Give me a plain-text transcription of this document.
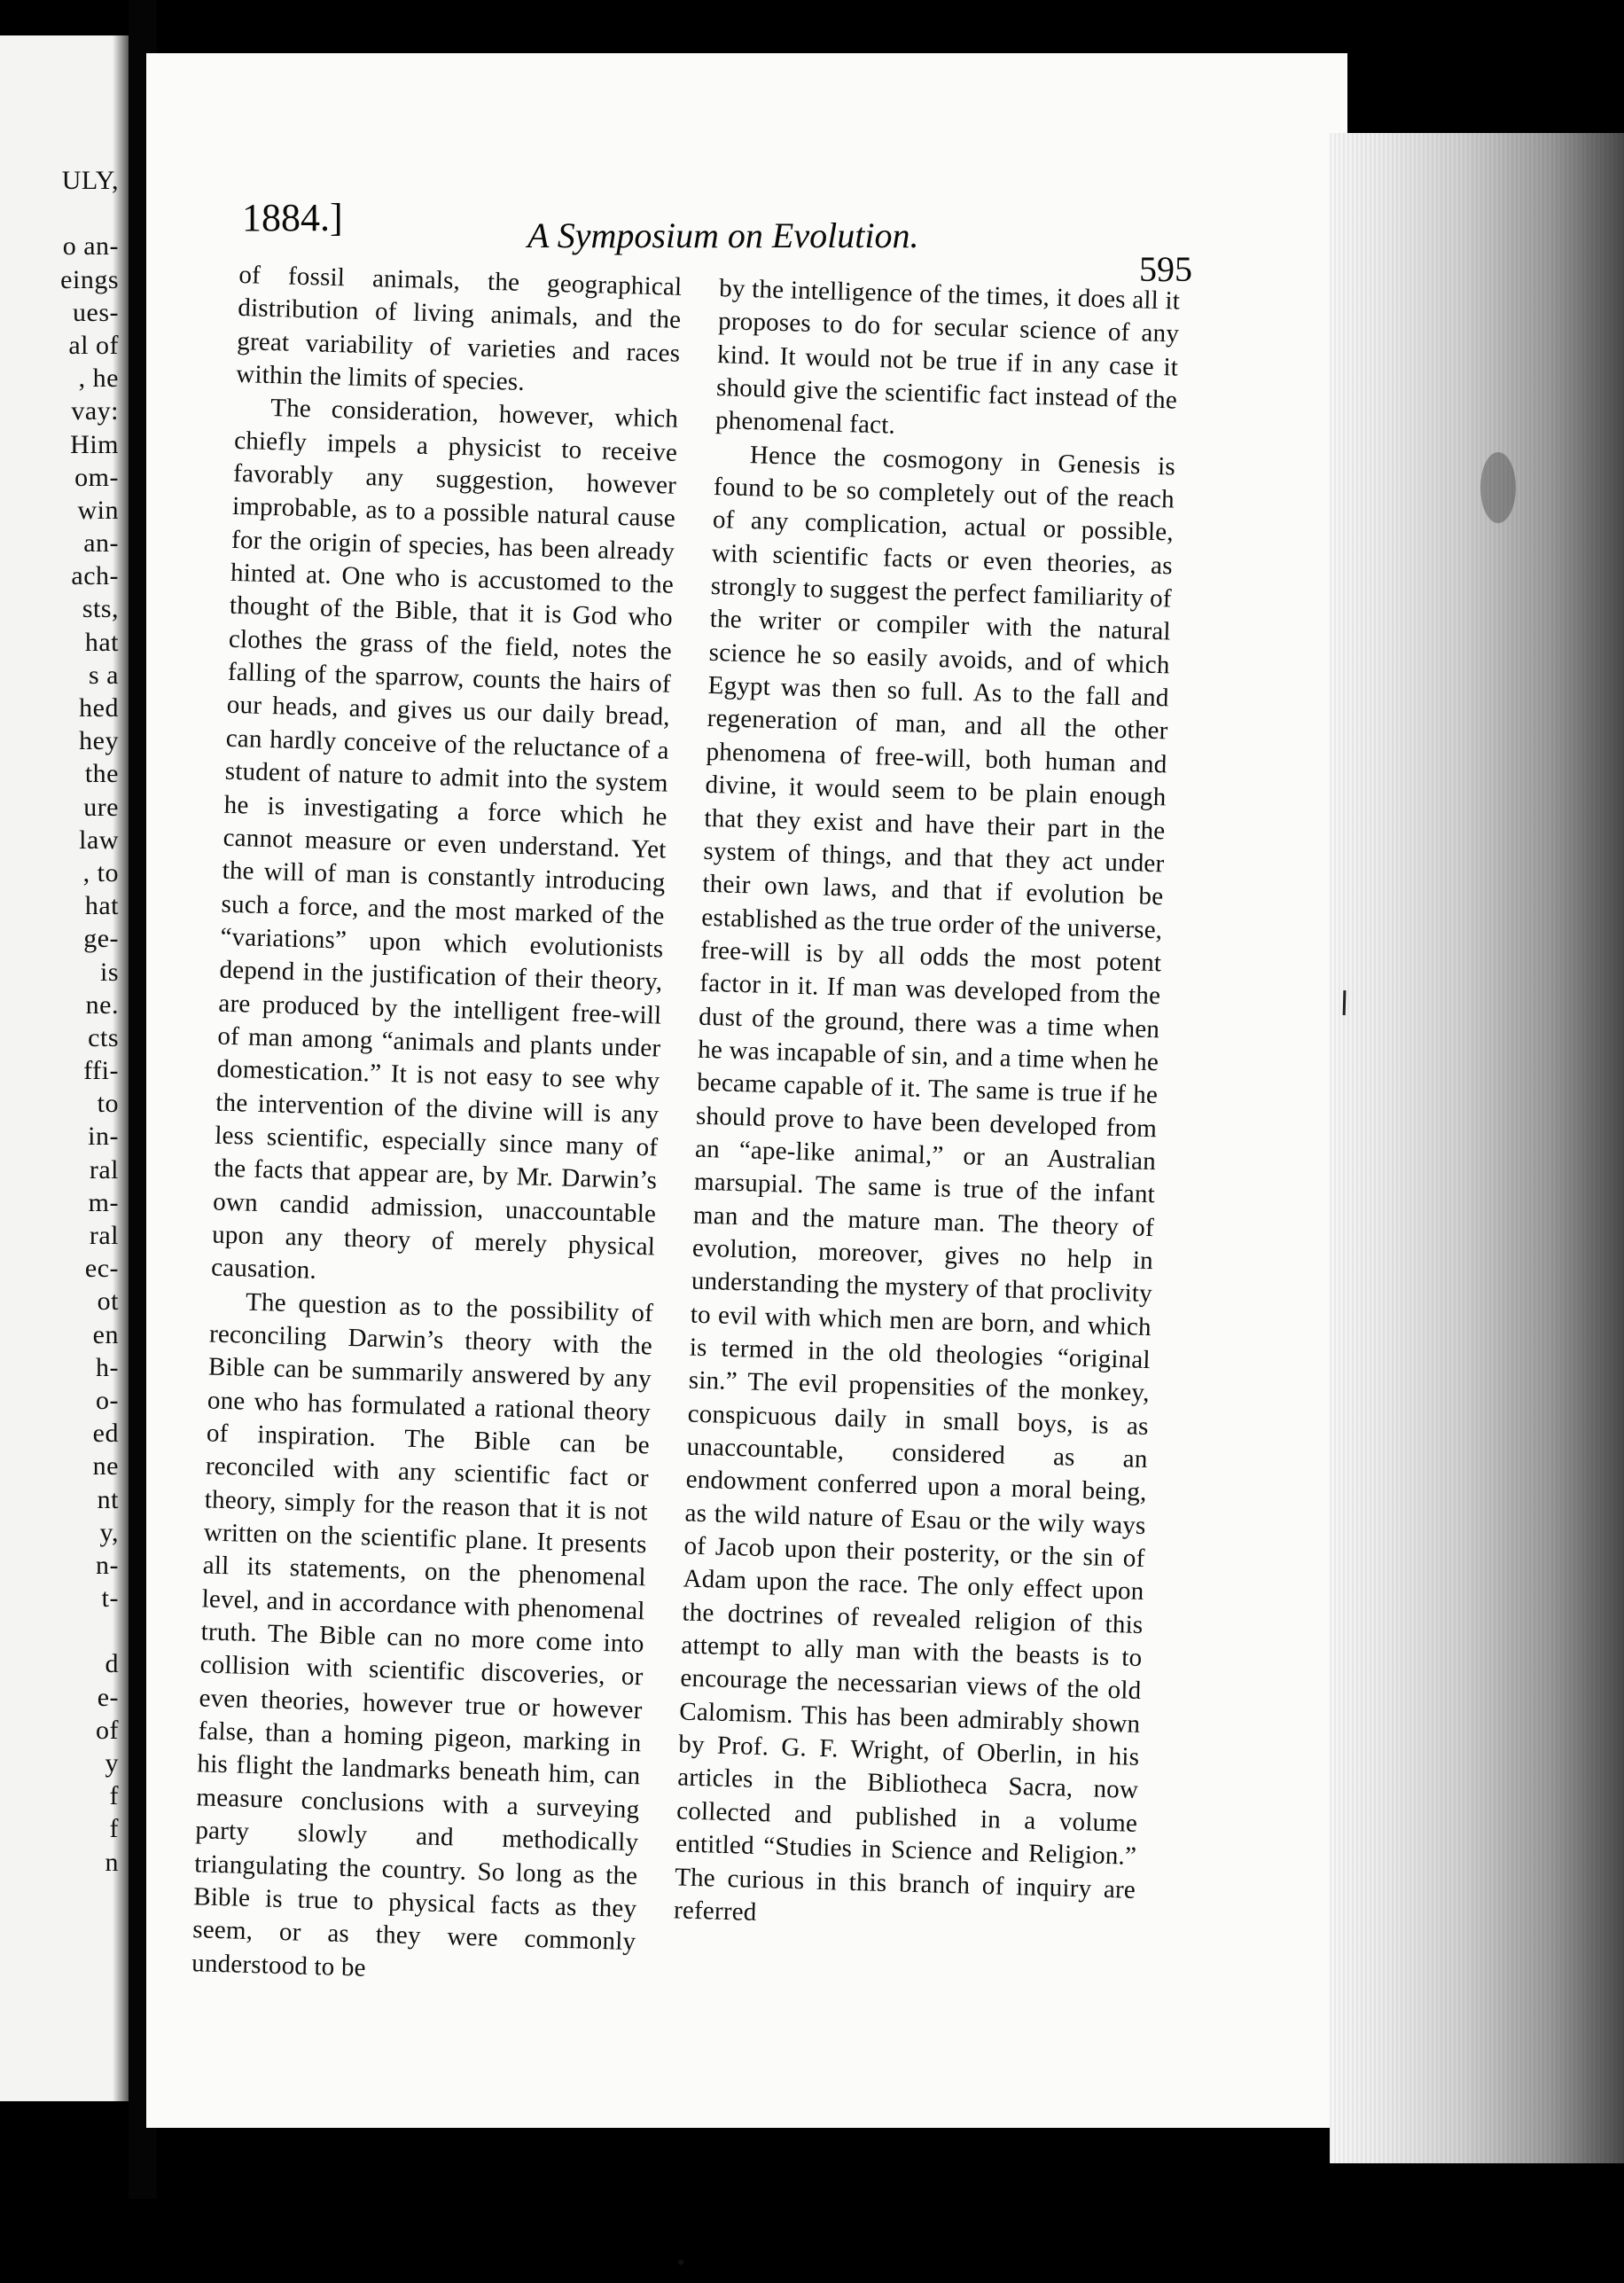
ULY,
o an-
eings
ues-
al of
, he
vay:
Him
om-
win
an-
ach-
sts,
hat
s a
hed
hey
the
ure
law
, to
hat
ge-
is
ne.
cts
ffi-
to
in-
ral
m-
ral
ec-
ot
en
h-
o-
ed
ne
nt
y,
n-
t-
d
e-
of
y
f
f
n
1884.]	A Symposium on Evolution.
595

of fossil animals, the geographical distribution of living animals, and the great variability of varieties and races within the limits of species.

The consideration, however, which chiefly impels a physicist to receive favorably any suggestion, however improbable, as to a possible natural cause for the origin of species, has been already hinted at. One who is accustomed to the thought of the Bible, that it is God who clothes the grass of the field, notes the falling of the sparrow, counts the hairs of our heads, and gives us our daily bread, can hardly conceive of the reluctance of a student of nature to admit into the system he is investigating a force which he cannot measure or even understand. Yet the will of man is constantly introducing such a force, and the most marked of the “variations” upon which evolutionists depend in the justification of their theory, are produced by the intelligent free-will of man among “animals and plants under domestication.” It is not easy to see why the intervention of the divine will is any less scientific, especially since many of the facts that appear are, by Mr. Darwin’s own candid admission, unaccountable upon any theory of merely physical causation.

The question as to the possibility of reconciling Darwin’s theory with the Bible can be summarily answered by any one who has formulated a rational theory of inspiration. The Bible can be reconciled with any scientific fact or theory, simply for the reason that it is not written on the scientific plane. It presents all its statements, on the phenomenal level, and in accordance with phenomenal truth. The Bible can no more come into collision with scientific discoveries, or even theories, however true or however false, than a homing pigeon, marking in his flight the landmarks beneath him, can measure conclusions with a surveying party slowly and methodically triangulating the country. So long as the Bible is true to physical facts as they seem, or as they were commonly understood to be

by the intelligence of the times, it does all it proposes to do for secular science of any kind. It would not be true if in any case it should give the scientific fact instead of the phenomenal fact.

Hence the cosmogony in Genesis is found to be so completely out of the reach of any complication, actual or possible, with scientific facts or even theories, as strongly to suggest the perfect familiarity of the writer or compiler with the natural science he so easily avoids, and of which Egypt was then so full. As to the fall and regeneration of man, and all the other phenomena of free-will, both human and divine, it would seem to be plain enough that they exist and have their part in the system of things, and that they act under their own laws, and that if evolution be established as the true order of the universe, free-will is by all odds the most potent factor in it. If man was developed from the dust of the ground, there was a time when he was incapable of sin, and a time when he became capable of it. The same is true if he should prove to have been developed from an “ape-like animal,” or an Australian marsupial. The same is true of the infant man and the mature man. The theory of evolution, moreover, gives no help in understanding the mystery of that proclivity to evil with which men are born, and which is termed in the old theologies “original sin.” The evil propensities of the monkey, conspicuous daily in small boys, is as unaccountable, considered as an endowment conferred upon a moral being, as the wild nature of Esau or the wily ways of Jacob upon their posterity, or the sin of Adam upon the race. The only effect upon the doctrines of revealed religion of this attempt to ally man with the beasts is to encourage the necessarian views of the old Calomism. This has been admirably shown by Prof. G. F. Wright, of Oberlin, in his articles in the Bibliotheca Sacra, now collected and published in a volume entitled “Studies in Science and Religion.” The curious in this branch of inquiry are referred
